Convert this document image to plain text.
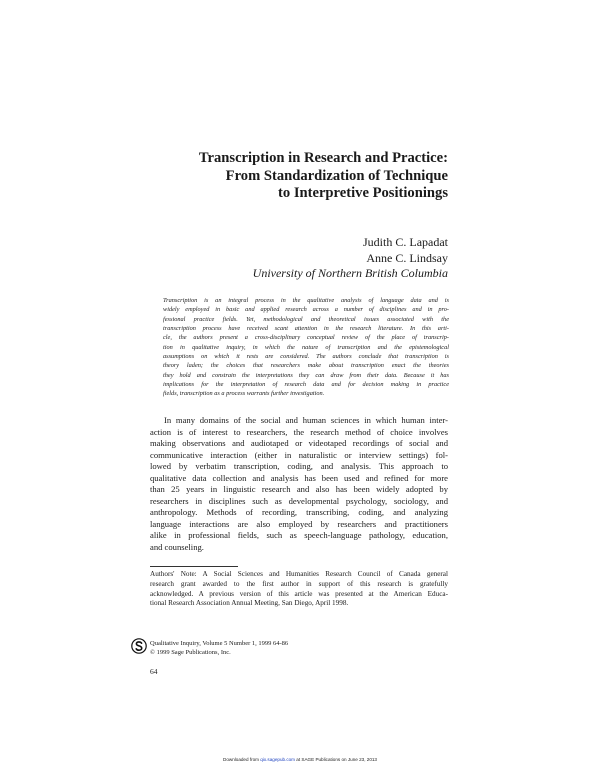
Transcription in Research and Practice:
From Standardization of Technique
to Interpretive Positionings
Judith C. Lapadat
Anne C. Lindsay
University of Northern British Columbia
Transcription is an integral process in the qualitative analysis of language data and is
widely employed in basic and applied research across a number of disciplines and in pro-
fessional practice fields. Yet, methodological and theoretical issues associated with the
transcription process have received scant attention in the research literature. In this arti-
cle, the authors present a cross-disciplinary conceptual review of the place of transcrip-
tion in qualitative inquiry, in which the nature of transcription and the epistemological
assumptions on which it rests are considered. The authors conclude that transcription is
theory laden; the choices that researchers make about transcription enact the theories
they hold and constrain the interpretations they can draw from their data. Because it has
implications for the interpretation of research data and for decision making in practice
fields, transcription as a process warrants further investigation.
In many domains of the social and human sciences in which human inter-
action is of interest to researchers, the research method of choice involves
making observations and audiotaped or videotaped recordings of social and
communicative interaction (either in naturalistic or interview settings) fol-
lowed by verbatim transcription, coding, and analysis. This approach to
qualitative data collection and analysis has been used and refined for more
than 25 years in linguistic research and also has been widely adopted by
researchers in disciplines such as developmental psychology, sociology, and
anthropology. Methods of recording, transcribing, coding, and analyzing
language interactions are also employed by researchers and practitioners
alike in professional fields, such as speech-language pathology, education,
and counseling.
Authors' Note: A Social Sciences and Humanities Research Council of Canada general
research grant awarded to the first author in support of this research is gratefully
acknowledged. A previous version of this article was presented at the American Educa-
tional Research Association Annual Meeting, San Diego, April 1998.
Qualitative Inquiry, Volume 5 Number 1, 1999 64-86
© 1999 Sage Publications, Inc.
64
Downloaded from qix.sagepub.com at SAGE Publications on June 23, 2013
